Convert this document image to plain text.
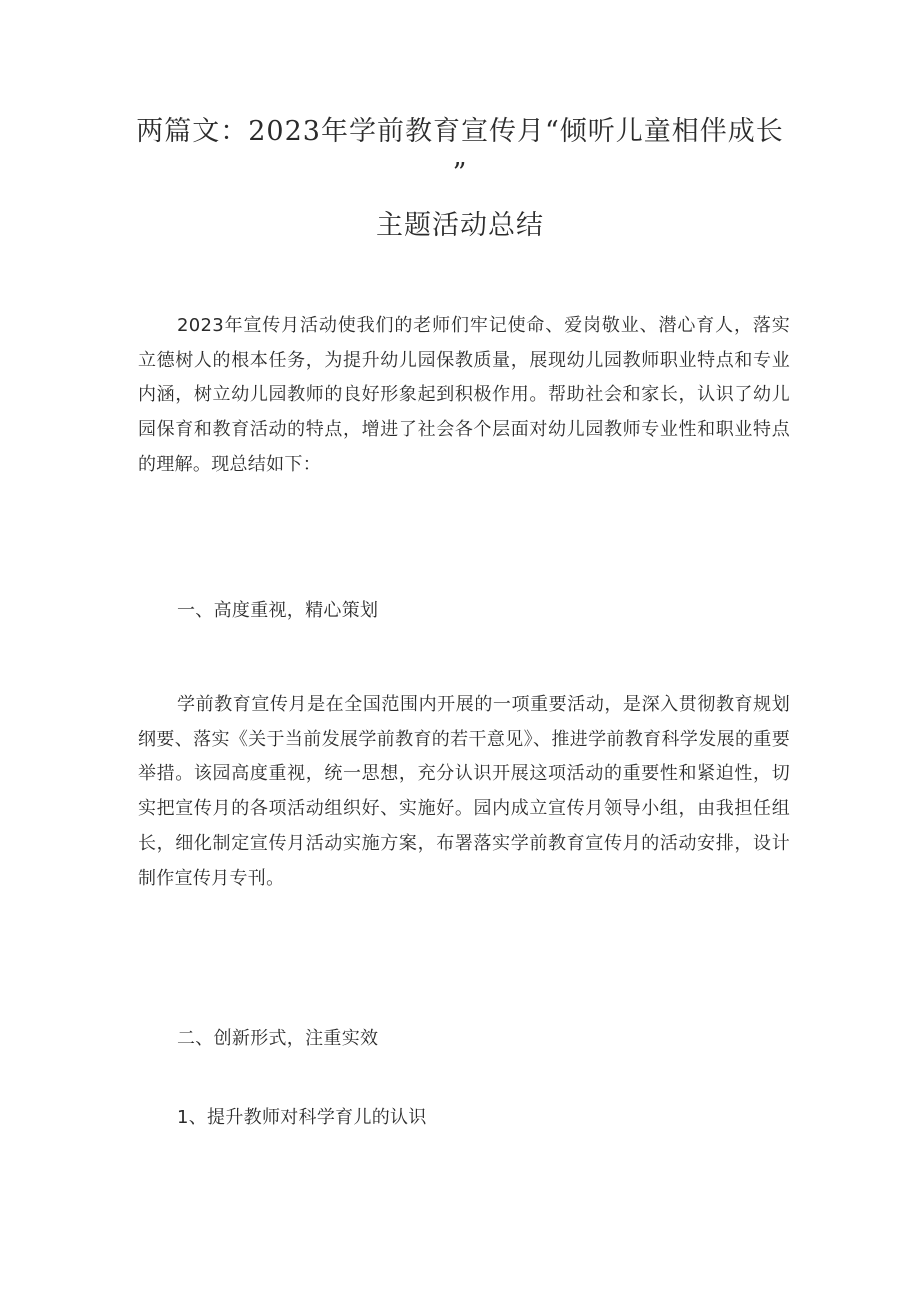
两篇文：2023年学前教育宣传月“倾听儿童相伴成长
”
主题活动总结

2023年宣传月活动使我们的老师们牢记使命、爱岗敬业、潜心育人，落实立德树人的根本任务，为提升幼儿园保教质量，展现幼儿园教师职业特点和专业内涵，树立幼儿园教师的良好形象起到积极作用。帮助社会和家长，认识了幼儿园保育和教育活动的特点，增进了社会各个层面对幼儿园教师专业性和职业特点的理解。现总结如下：

一、高度重视，精心策划

学前教育宣传月是在全国范围内开展的一项重要活动，是深入贯彻教育规划纲要、落实《关于当前发展学前教育的若干意见》、推进学前教育科学发展的重要举措。该园高度重视，统一思想，充分认识开展这项活动的重要性和紧迫性，切实把宣传月的各项活动组织好、实施好。园内成立宣传月领导小组，由我担任组长，细化制定宣传月活动实施方案，布署落实学前教育宣传月的活动安排，设计制作宣传月专刊。

二、创新形式，注重实效

1、提升教师对科学育儿的认识
